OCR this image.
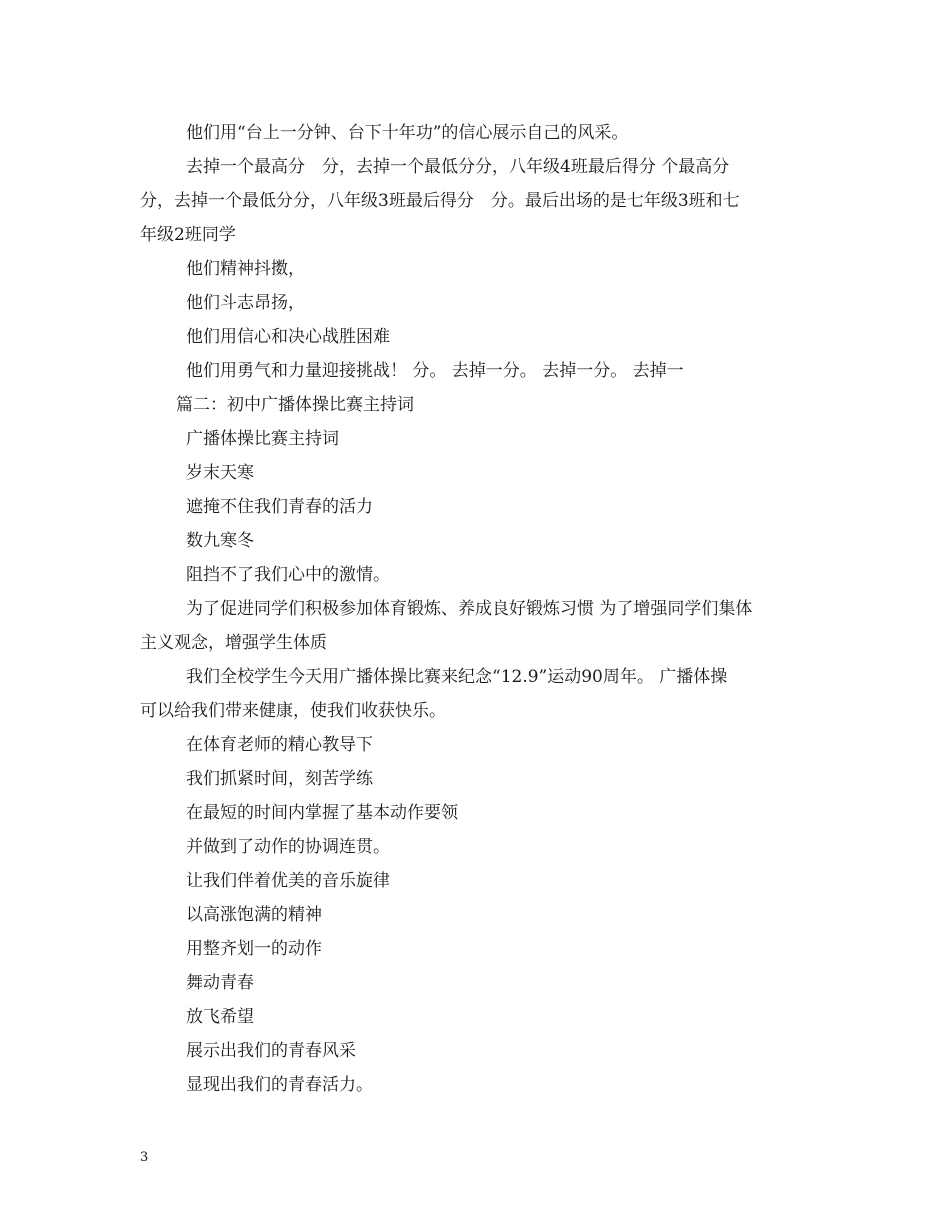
他们用“台上一分钟、台下十年功”的信心展示自己的风采。
去掉一个最高分　分，去掉一个最低分分，八年级4班最后得分 个最高分
分，去掉一个最低分分，八年级3班最后得分　分。最后出场的是七年级3班和七
年级2班同学
他们精神抖擞，
他们斗志昂扬，
他们用信心和决心战胜困难
他们用勇气和力量迎接挑战！ 分。 去掉一分。 去掉一分。 去掉一
篇二：初中广播体操比赛主持词
广播体操比赛主持词
岁末天寒
遮掩不住我们青春的活力
数九寒冬
阻挡不了我们心中的激情。
为了促进同学们积极参加体育锻炼、养成良好锻炼习惯 为了增强同学们集体
主义观念，增强学生体质
我们全校学生今天用广播体操比赛来纪念“12.9”运动90周年。 广播体操
可以给我们带来健康，使我们收获快乐。
在体育老师的精心教导下
我们抓紧时间，刻苦学练
在最短的时间内掌握了基本动作要领
并做到了动作的协调连贯。
让我们伴着优美的音乐旋律
以高涨饱满的精神
用整齐划一的动作
舞动青春
放飞希望
展示出我们的青春风采
显现出我们的青春活力。
3
